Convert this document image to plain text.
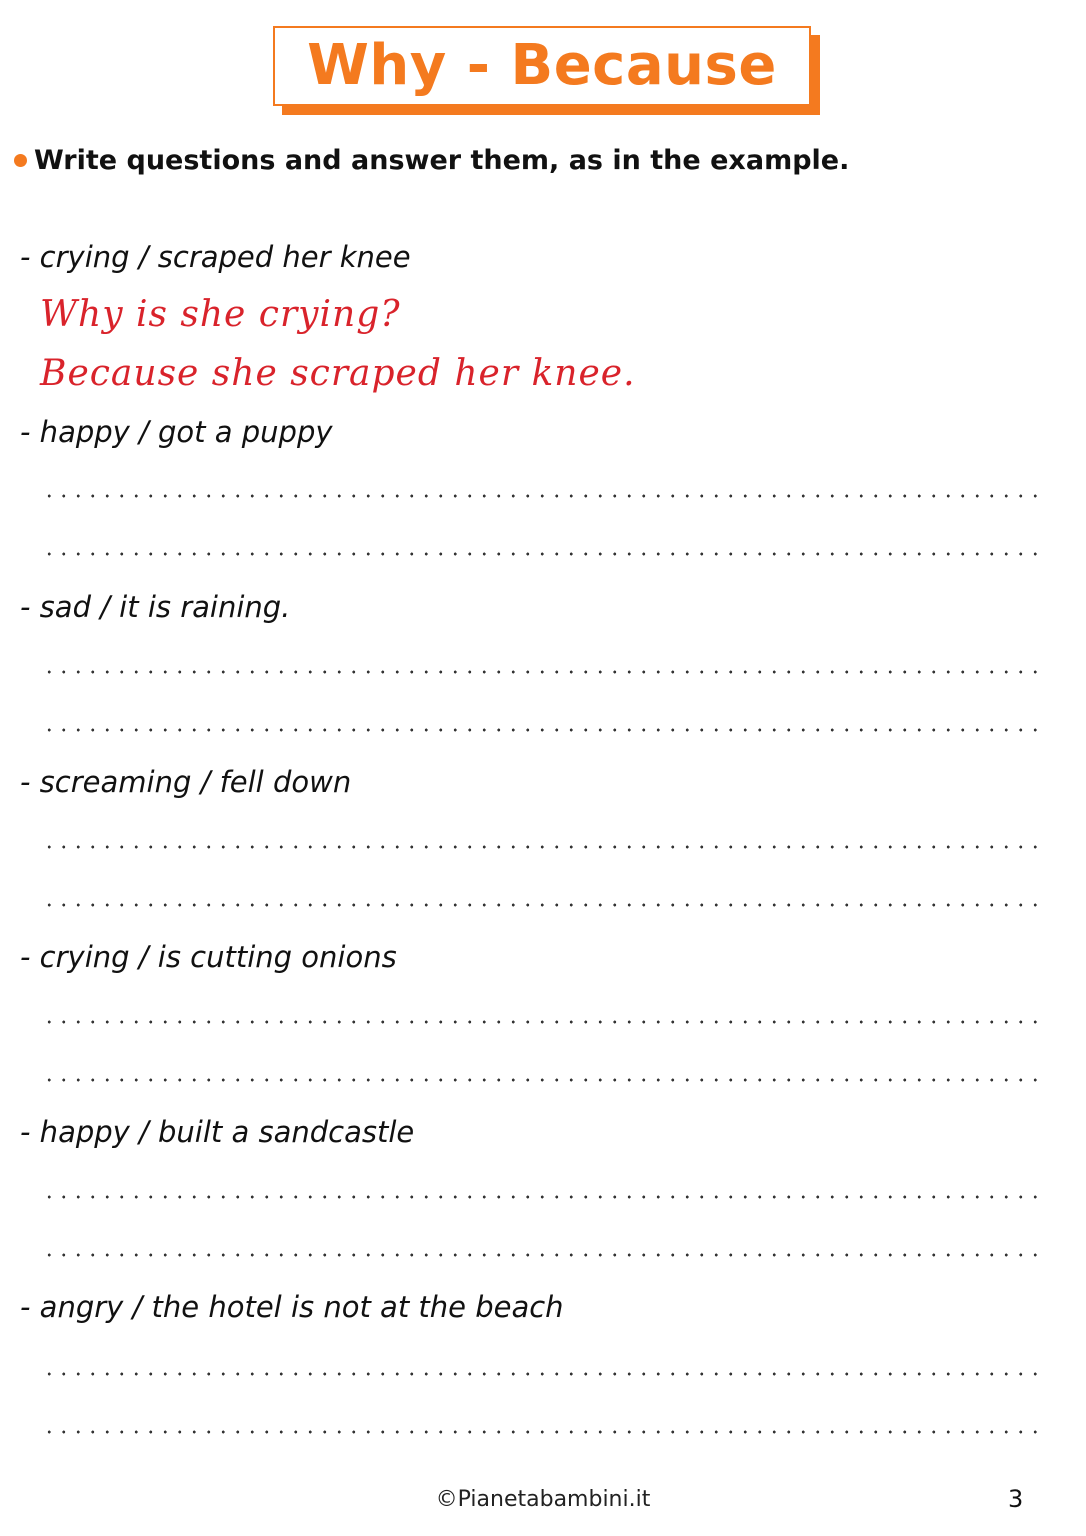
Why - Because
Write questions and answer them, as in the example.
- crying / scraped her knee
Why is she crying?
Because she scraped her knee.
- happy / got a puppy
- sad / it is raining.
- screaming / fell down
- crying / is cutting onions
- happy / built a sandcastle
- angry / the hotel is not at the beach
©Pianetabambini.it	3
